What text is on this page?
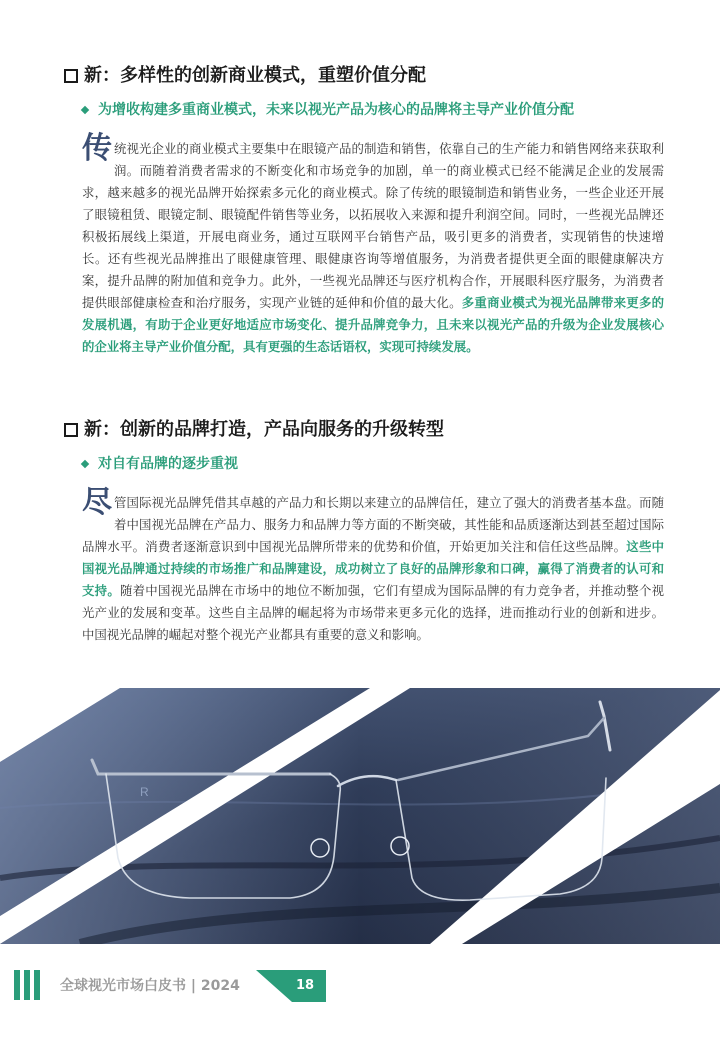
新：多样性的创新商业模式，重塑价值分配
为增收构建多重商业模式，未来以视光产品为核心的品牌将主导产业价值分配
传统视光企业的商业模式主要集中在眼镜产品的制造和销售，依靠自己的生产能力和销售网络来获取利润。而随着消费者需求的不断变化和市场竞争的加剧，单一的商业模式已经不能满足企业的发展需求，越来越多的视光品牌开始探索多元化的商业模式。除了传统的眼镜制造和销售业务，一些企业还开展了眼镜租赁、眼镜定制、眼镜配件销售等业务，以拓展收入来源和提升利润空间。同时，一些视光品牌还积极拓展线上渠道，开展电商业务，通过互联网平台销售产品，吸引更多的消费者，实现销售的快速增长。还有些视光品牌推出了眼健康管理、眼健康咨询等增值服务，为消费者提供更全面的眼健康解决方案，提升品牌的附加值和竞争力。此外，一些视光品牌还与医疗机构合作，开展眼科医疗服务，为消费者提供眼部健康检查和治疗服务，实现产业链的延伸和价值的最大化。多重商业模式为视光品牌带来更多的发展机遇，有助于企业更好地适应市场变化、提升品牌竞争力，且未来以视光产品的升级为企业发展核心的企业将主导产业价值分配，具有更强的生态话语权，实现可持续发展。
新：创新的品牌打造，产品向服务的升级转型
对自有品牌的逐步重视
尽管国际视光品牌凭借其卓越的产品力和长期以来建立的品牌信任，建立了强大的消费者基本盘。而随着中国视光品牌在产品力、服务力和品牌力等方面的不断突破，其性能和品质逐渐达到甚至超过国际品牌水平。消费者逐渐意识到中国视光品牌所带来的优势和价值，开始更加关注和信任这些品牌。这些中国视光品牌通过持续的市场推广和品牌建设，成功树立了良好的品牌形象和口碑，赢得了消费者的认可和支持。随着中国视光品牌在市场中的地位不断加强，它们有望成为国际品牌的有力竞争者，并推动整个视光产业的发展和变革。这些自主品牌的崛起将为市场带来更多元化的选择，进而推动行业的创新和进步。中国视光品牌的崛起对整个视光产业都具有重要的意义和影响。
R
全球视光市场白皮书 | 2024	18
